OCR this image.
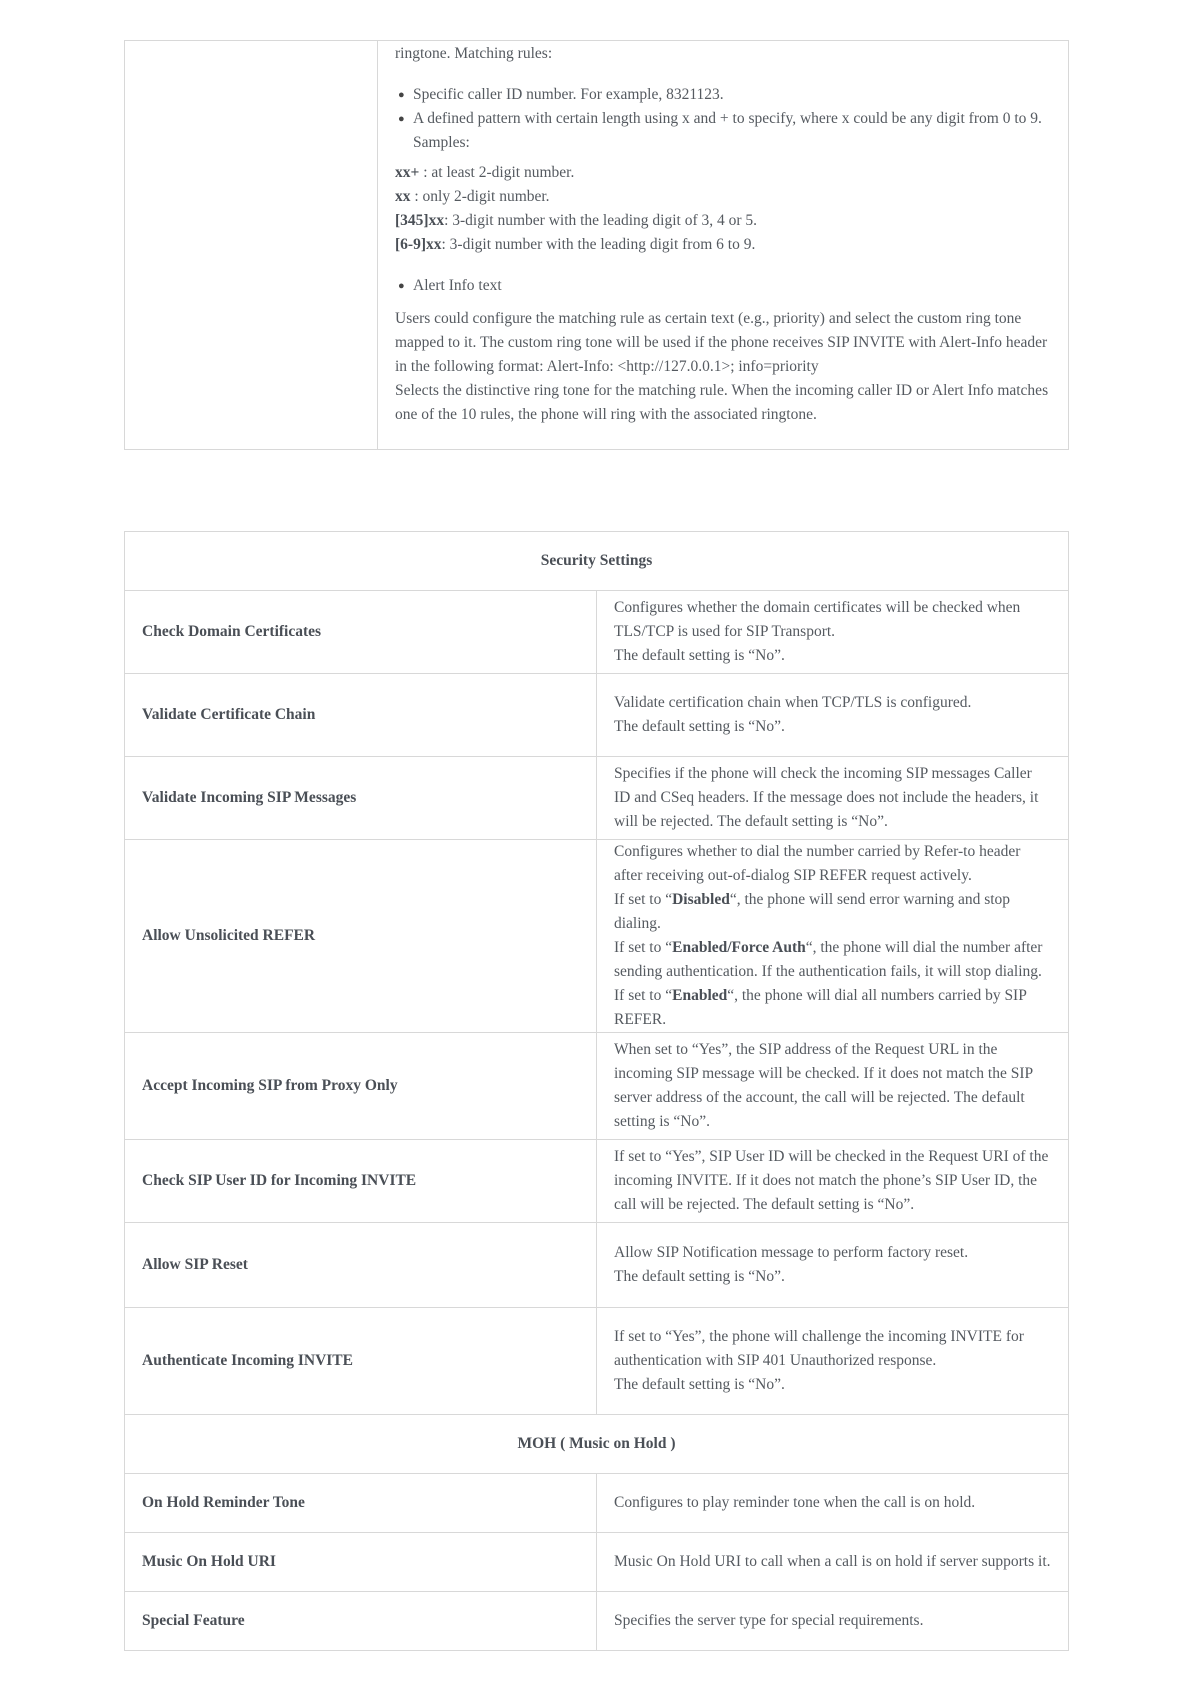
ringtone. Matching rules:

● Specific caller ID number. For example, 8321123.
● A defined pattern with certain length using x and + to specify, where x could be any digit from 0 to 9. Samples:
xx+ : at least 2-digit number.
xx : only 2-digit number.
[345]xx: 3-digit number with the leading digit of 3, 4 or 5.
[6-9]xx: 3-digit number with the leading digit from 6 to 9.
● Alert Info text

Users could configure the matching rule as certain text (e.g., priority) and select the custom ring tone mapped to it. The custom ring tone will be used if the phone receives SIP INVITE with Alert-Info header in the following format: Alert-Info: <http://127.0.0.1>; info=priority

Selects the distinctive ring tone for the matching rule. When the incoming caller ID or Alert Info matches one of the 10 rules, the phone will ring with the associated ringtone.

Security Settings	
Check Domain Certificates	Configures whether the domain certificates will be checked when TLS/TCP is used for SIP Transport.
The default setting is “No”.

Validate Certificate Chain	Validate certification chain when TCP/TLS is configured.
The default setting is “No”.

Validate Incoming SIP Messages	Specifies if the phone will check the incoming SIP messages Caller ID and CSeq headers. If the message does not include the headers, it will be rejected. The default setting is “No”.
Allow Unsolicited REFER	Configures whether to dial the number carried by Refer-to header after receiving out-of-dialog SIP REFER request actively.
If set to “Disabled“, the phone will send error warning and stop dialing.
If set to “Enabled/Force Auth“, the phone will dial the number after sending authentication. If the authentication fails, it will stop dialing.
If set to “Enabled“, the phone will dial all numbers carried by SIP REFER.

Accept Incoming SIP from Proxy Only	When set to “Yes”, the SIP address of the Request URL in the incoming SIP message will be checked. If it does not match the SIP server address of the account, the call will be rejected. The default setting is “No”.
Check SIP User ID for Incoming INVITE	If set to “Yes”, SIP User ID will be checked in the Request URI of the incoming INVITE. If it does not match the phone’s SIP User ID, the call will be rejected. The default setting is “No”.
Allow SIP Reset	Allow SIP Notification message to perform factory reset.
The default setting is “No”.

Authenticate Incoming INVITE	If set to “Yes”, the phone will challenge the incoming INVITE for authentication with SIP 401 Unauthorized response.
The default setting is “No”.

MOH ( Music on Hold )	
On Hold Reminder Tone	Configures to play reminder tone when the call is on hold.
Music On Hold URI	Music On Hold URI to call when a call is on hold if server supports it.
Special Feature	Specifies the server type for special requirements.
